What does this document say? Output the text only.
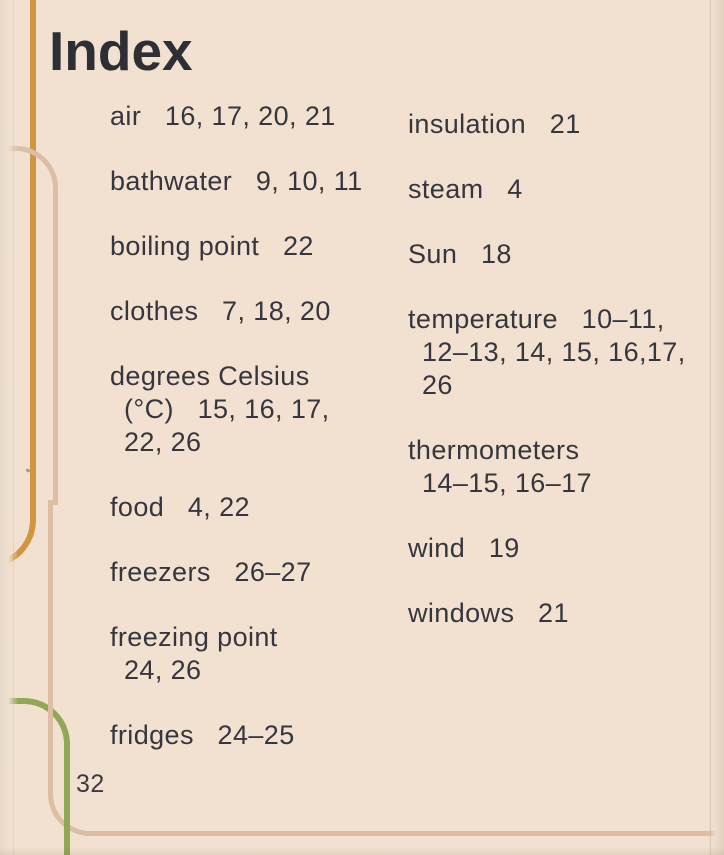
Index
air   16, 17, 20, 21
bathwater   9, 10, 11
boiling point   22
clothes   7, 18, 20
degrees Celsius
(°C)   15, 16, 17,
22, 26
food   4, 22
freezers   26–27
freezing point
24, 26
fridges   24–25
insulation   21
steam   4
Sun   18
temperature   10–11,
12–13, 14, 15, 16,17,
26
thermometers
14–15, 16–17
wind   19
windows   21
32
